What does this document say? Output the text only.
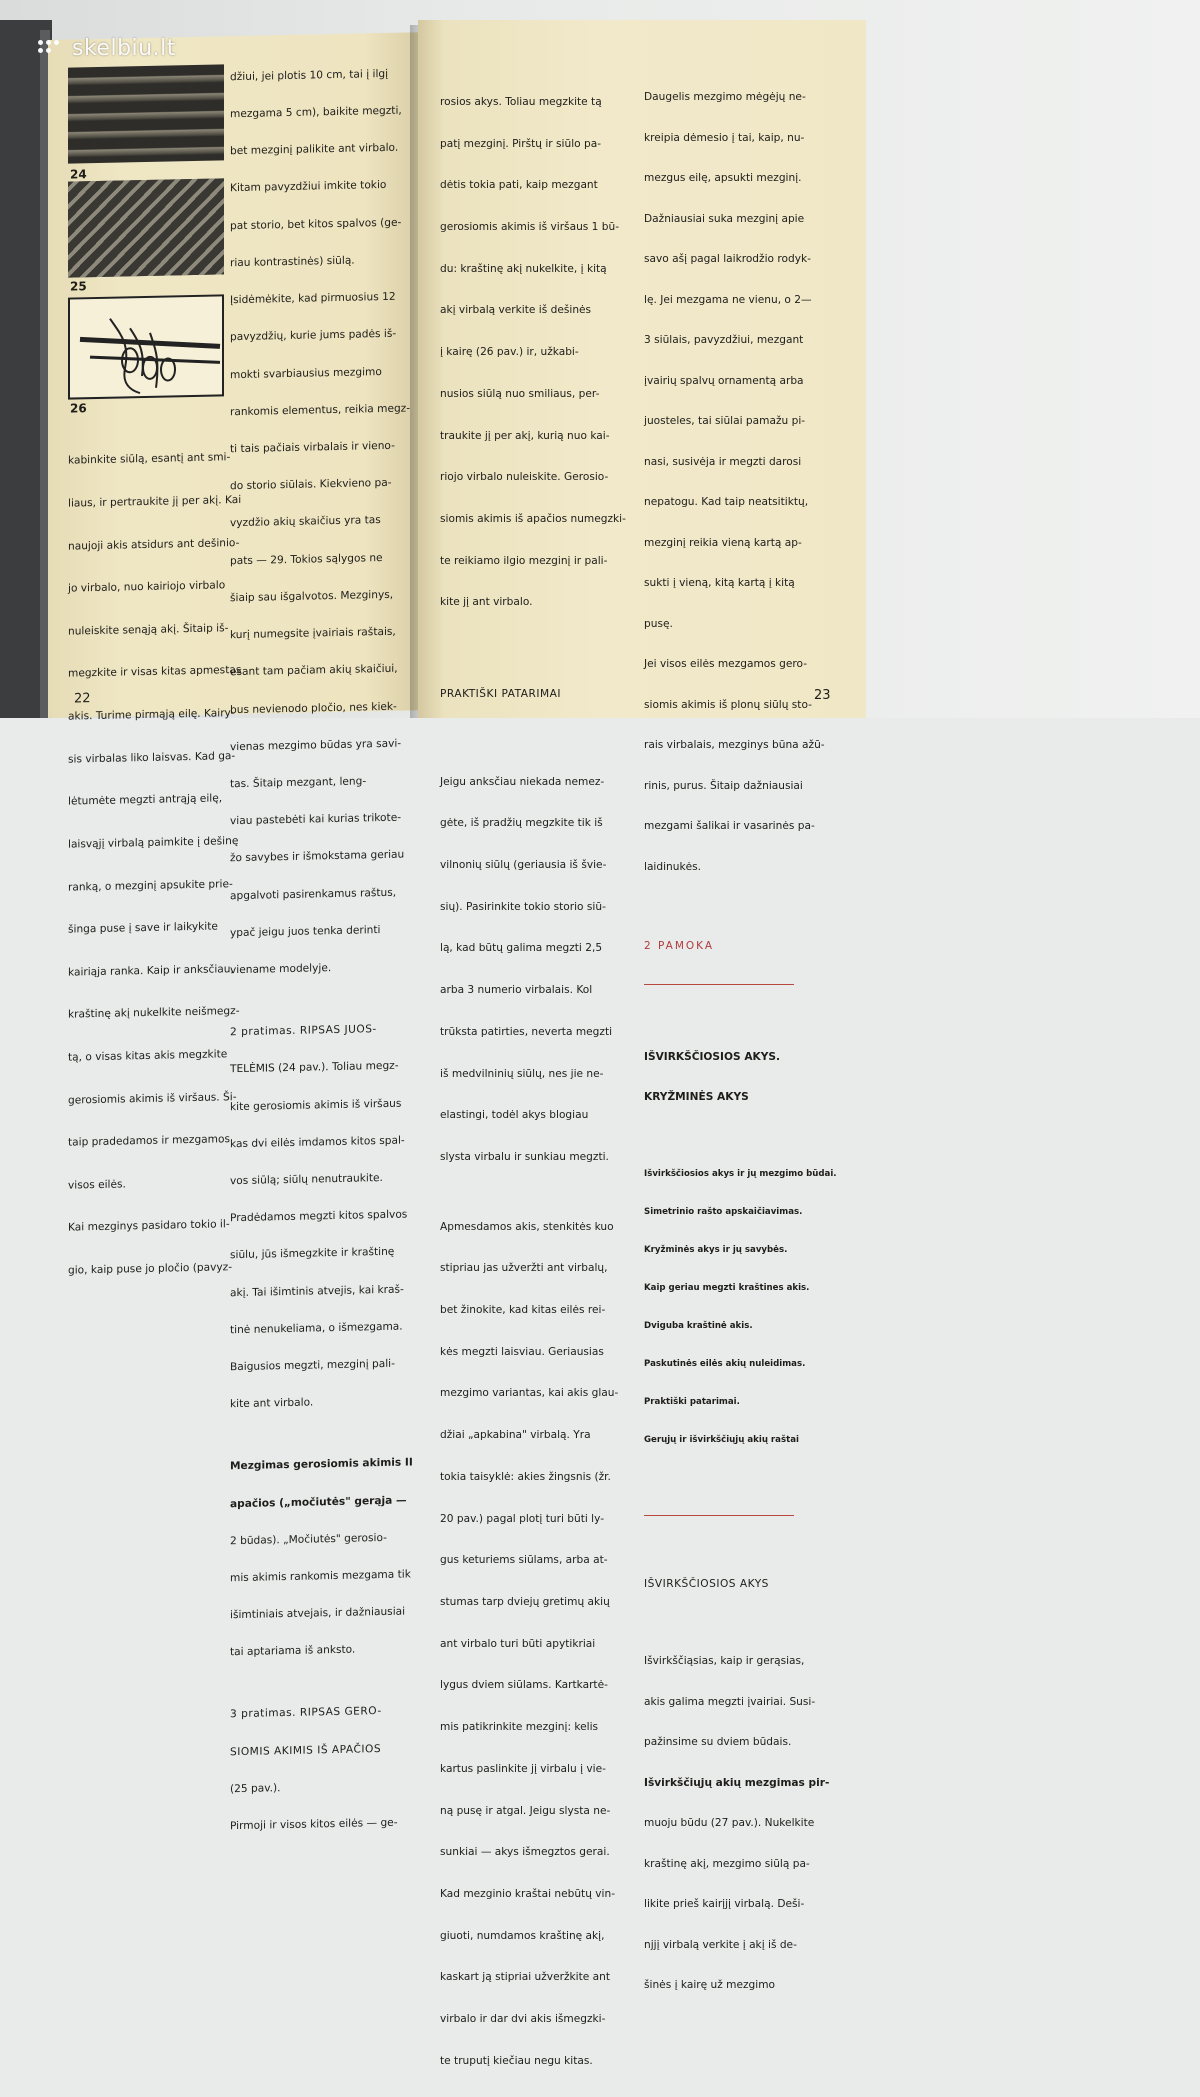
24
25
26

kabinkite siūlą, esantį ant smi-

liaus, ir pertraukite jį per akį. Kai

naujoji akis atsidurs ant dešinio-

jo virbalo, nuo kairiojo virbalo

nuleiskite senąją akį. Šitaip iš-

megzkite ir visas kitas apmestas

akis. Turime pirmąją eilę. Kairy-

sis virbalas liko laisvas. Kad ga-

lėtumėte megzti antrąją eilę,

laisvąjį virbalą paimkite į dešinę

ranką, o mezginį apsukite prie-

šinga puse į save ir laikykite

kairiąja ranka. Kaip ir anksčiau,

kraštinę akį nukelkite neišmegz-

tą, o visas kitas akis megzkite

gerosiomis akimis iš viršaus. Ši-

taip pradedamos ir mezgamos

visos eilės.

Kai mezginys pasidaro tokio il-

gio, kaip puse jo pločio (pavyz-

džiui, jei plotis 10 cm, tai į ilgį

mezgama 5 cm), baikite megzti,

bet mezginį palikite ant virbalo.

Kitam pavyzdžiui imkite tokio

pat storio, bet kitos spalvos (ge-

riau kontrastinės) siūlą.

Įsidėmėkite, kad pirmuosius 12

pavyzdžių, kurie jums padės iš-

mokti svarbiausius mezgimo

rankomis elementus, reikia megz-

ti tais pačiais virbalais ir vieno-

do storio siūlais. Kiekvieno pa-

vyzdžio akių skaičius yra tas

pats — 29. Tokios sąlygos ne

šiaip sau išgalvotos. Mezginys,

kurį numegsite įvairiais raštais,

esant tam pačiam akių skaičiui,

bus nevienodo pločio, nes kiek-

vienas mezgimo būdas yra savi-

tas. Šitaip mezgant, leng-

viau pastebėti kai kurias trikote-

žo savybes ir išmokstama geriau

apgalvoti pasirenkamus raštus,

ypač jeigu juos tenka derinti

viename modelyje.

2 pratimas. RIPSAS JUOS-

TELĖMIS (24 pav.). Toliau megz-

kite gerosiomis akimis iš viršaus

kas dvi eilės imdamos kitos spal-

vos siūlą; siūlų nenutraukite.

Pradėdamos megzti kitos spalvos

siūlu, jūs išmegzkite ir kraštinę

akį. Tai išimtinis atvejis, kai kraš-

tinė nenukeliama, o išmezgama.

Baigusios megzti, mezginį pali-

kite ant virbalo.

Mezgimas gerosiomis akimis II

apačios („močiutės" gerąja —

2 būdas). „Močiutės" gerosio-

mis akimis rankomis mezgama tik

išimtiniais atvejais, ir dažniausiai

tai aptariama iš anksto.

3 pratimas. RIPSAS GERO-

SIOMIS AKIMIS IŠ APAČIOS

(25 pav.).

Pirmoji ir visos kitos eilės — ge-

22

rosios akys. Toliau megzkite tą

patį mezginį. Pirštų ir siūlo pa-

dėtis tokia pati, kaip mezgant

gerosiomis akimis iš viršaus 1 bū-

du: kraštinę akį nukelkite, į kitą

akį virbalą verkite iš dešinės

į kairę (26 pav.) ir, užkabi-

nusios siūlą nuo smiliaus, per-

traukite jį per akį, kurią nuo kai-

riojo virbalo nuleiskite. Gerosio-

siomis akimis iš apačios numegzki-

te reikiamo ilgio mezginį ir pali-

kite jį ant virbalo.

PRAKTIŠKI PATARIMAI

Jeigu anksčiau niekada nemez-

gėte, iš pradžių megzkite tik iš

vilnonių siūlų (geriausia iš šviе-

sių). Pasirinkite tokio storio siū-

lą, kad būtų galima megzti 2,5

arba 3 numerio virbalais. Kol

trūksta patirties, neverta megzti

iš medvilninių siūlų, nes jie ne-

elastingi, todėl akys blogiau

slysta virbalu ir sunkiau megzti.

Apmesdamos akis, stenkitės kuo

stipriau jas užveržti ant virbalų,

bet žinokite, kad kitas eilės rei-

kės megzti laisviau. Geriausias

mezgimo variantas, kai akis glau-

džiai „apkabina" virbalą. Yra

tokia taisyklė: akies žingsnis (žr.

20 pav.) pagal plotį turi būti ly-

gus keturiems siūlams, arba at-

stumas tarp dviejų gretimų akių

ant virbalo turi būti apytikriai

lygus dviem siūlams. Kartkartė-

mis patikrinkite mezginį: kelis

kartus paslinkite jį virbalu į vie-

ną pusę ir atgal. Jeigu slysta ne-

sunkiai — akys išmegztos gerai.

Kad mezginio kraštai nebūtų vin-

giuoti, numdamos kraštinę akį,

kaskart ją stipriai užveržkite ant

virbalo ir dar dvi akis išmegzki-

te truputį kiečiau negu kitas.

Daugelis mezgimo mėgėjų ne-

kreipia dėmesio į tai, kaip, nu-

mezgus eilę, apsukti mezginį.

Dažniausiai suka mezginį apie

savo ašį pagal laikrodžio rodyk-

lę. Jei mezgama ne vienu, o 2—

3 siūlais, pavyzdžiui, mezgant

įvairių spalvų ornamentą arba

juosteles, tai siūlai pamažu pi-

nasi, susivėja ir megzti darosi

nepatogu. Kad taip neatsitiktų,

mezginį reikia vieną kartą ap-

sukti į vieną, kitą kartą į kitą

pusę.

Jei visos eilės mezgamos gero-

siomis akimis iš plonų siūlų sto-

rais virbalais, mezginys būna ažū-

rinis, purus. Šitaip dažniausiai

mezgami šalikai ir vasarinės pa-

laidinukės.

2 PAMOKA

IŠVIRKŠČIOSIOS AKYS.

KRYŽMINĖS AKYS

Išvirkščiosios akys ir jų mezgimo būdai.

Simetrinio rašto apskaičiavimas.

Kryžminės akys ir jų savybės.

Kaip geriau megzti kraštines akis.

Dviguba kraštinė akis.

Paskutinės eilės akių nuleidimas.

Praktiški patarimai.

Gerųjų ir išvirkščiųjų akių raštai

IŠVIRKŠČIOSIOS AKYS

Išvirkščiąsias, kaip ir gerąsias,

akis galima megzti įvairiai. Susi-

pažinsime su dviem būdais.

Išvirkščiųjų akių mezgimas pir-

muoju būdu (27 pav.). Nukelkite

kraštinę akį, mezgimo siūlą pa-

likite prieš kairįjį virbalą. Deši-

njjį virbalą verkite į akį iš de-

šinės į kairę už mezgimo

23
skelbiu.lt
